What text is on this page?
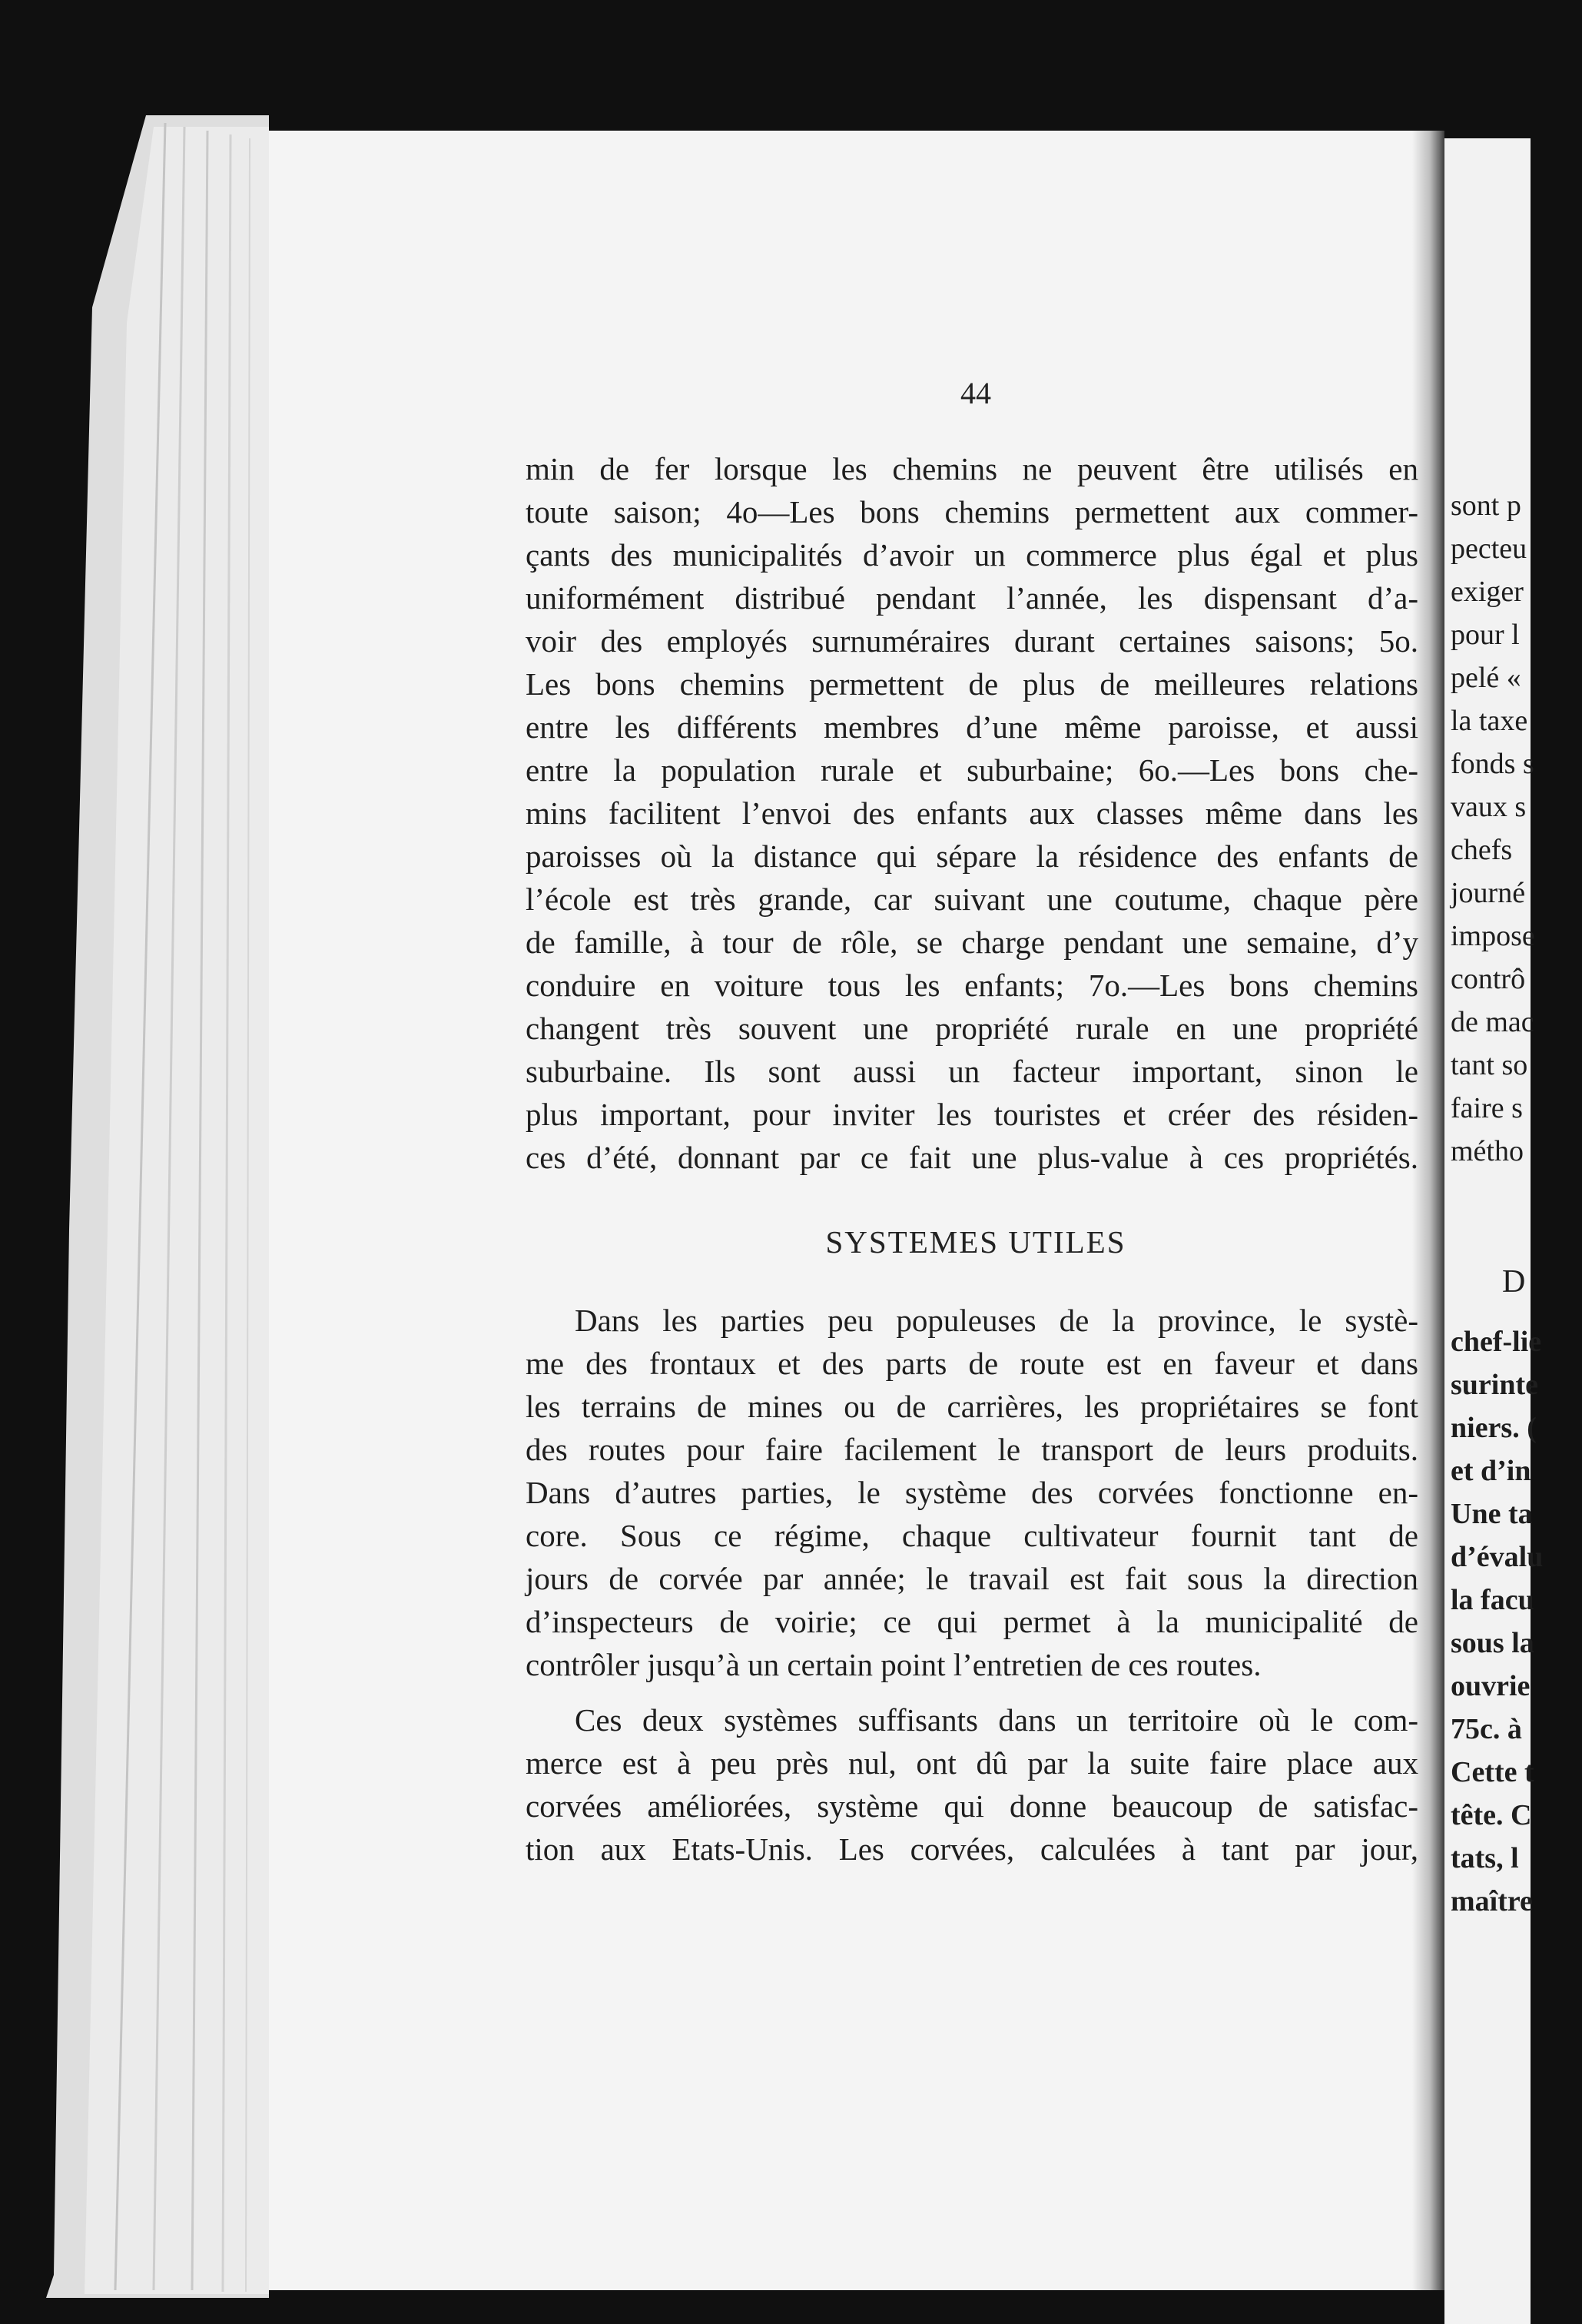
44

min de fer lorsque les chemins ne peuvent être utilisés en

toute saison; 4o—Les bons chemins permettent aux commer-

çants des municipalités d’avoir un commerce plus égal et plus

uniformément distribué pendant l’année, les dispensant d’a-

voir des employés surnuméraires durant certaines saisons; 5o.

Les bons chemins permettent de plus de meilleures relations

entre les différents membres d’une même paroisse, et aussi

entre la population rurale et suburbaine; 6o.—Les bons che-

mins facilitent l’envoi des enfants aux classes même dans les

paroisses où la distance qui sépare la résidence des enfants de

l’école est très grande, car suivant une coutume, chaque père

de famille, à tour de rôle, se charge pendant une semaine, d’y

conduire en voiture tous les enfants; 7o.—Les bons chemins

changent très souvent une propriété rurale en une propriété

suburbaine. Ils sont aussi un facteur important, sinon le

plus important, pour inviter les touristes et créer des résiden-

ces d’été, donnant par ce fait une plus-value à ces propriétés.

SYSTEMES UTILES

Dans les parties peu populeuses de la province, le systè-

me des frontaux et des parts de route est en faveur et dans

les terrains de mines ou de carrières, les propriétaires se font

des routes pour faire facilement le transport de leurs produits.

Dans d’autres parties, le système des corvées fonctionne en-

core. Sous ce régime, chaque cultivateur fournit tant de

jours de corvée par année; le travail est fait sous la direction

d’inspecteurs de voirie; ce qui permet à la municipalité de

contrôler jusqu’à un certain point l’entretien de ces routes.

Ces deux systèmes suffisants dans un territoire où le com-

merce est à peu près nul, ont dû par la suite faire place aux

corvées améliorées, système qui donne beaucoup de satisfac-

tion aux Etats-Unis. Les corvées, calculées à tant par jour,

sont p

pecteu

exiger

pour l

pelé «

la taxe

fonds s

vaux s

chefs

journé

impose

contrô

de mac

tant so

faire s

métho

D

chef-lie

surinte

niers. (

et d’in

Une ta

d’évalu

la facu

sous la

ouvrie

75c. à

Cette t

tête. C

tats, l

maître
